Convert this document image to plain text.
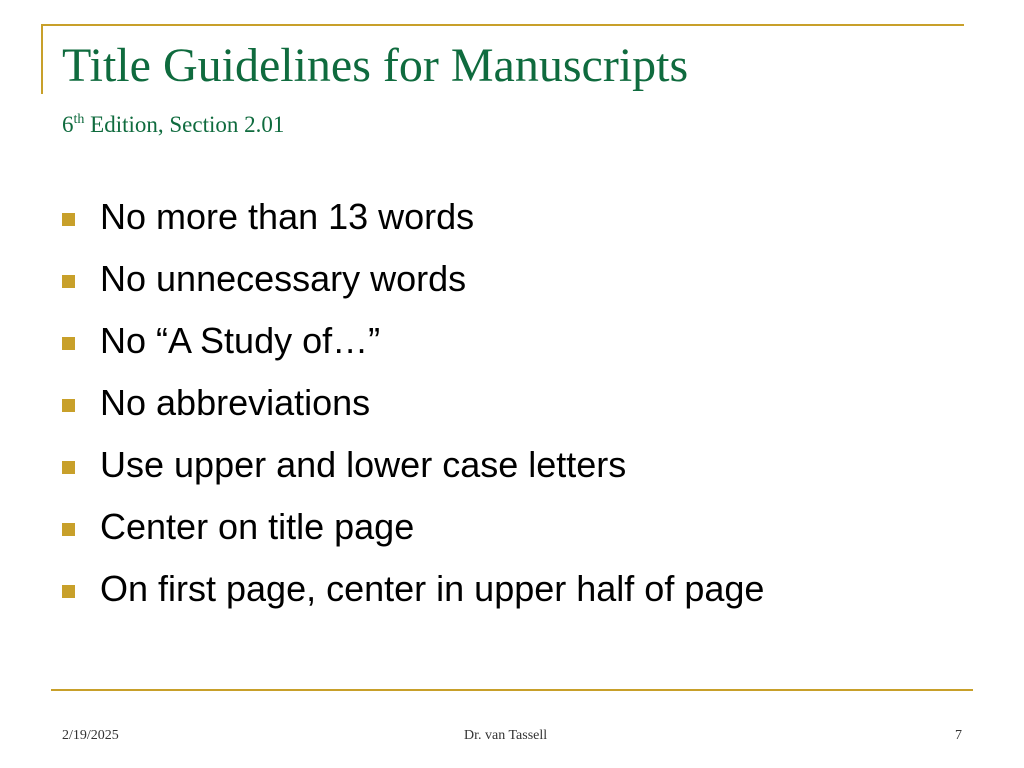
Title Guidelines for Manuscripts

6th Edition, Section 2.01

No more than 13 words
No unnecessary words
No “A Study of…”
No abbreviations
Use upper and lower case letters
Center on title page
On first page, center in upper half of page
2/19/2025	Dr. van Tassell	7
